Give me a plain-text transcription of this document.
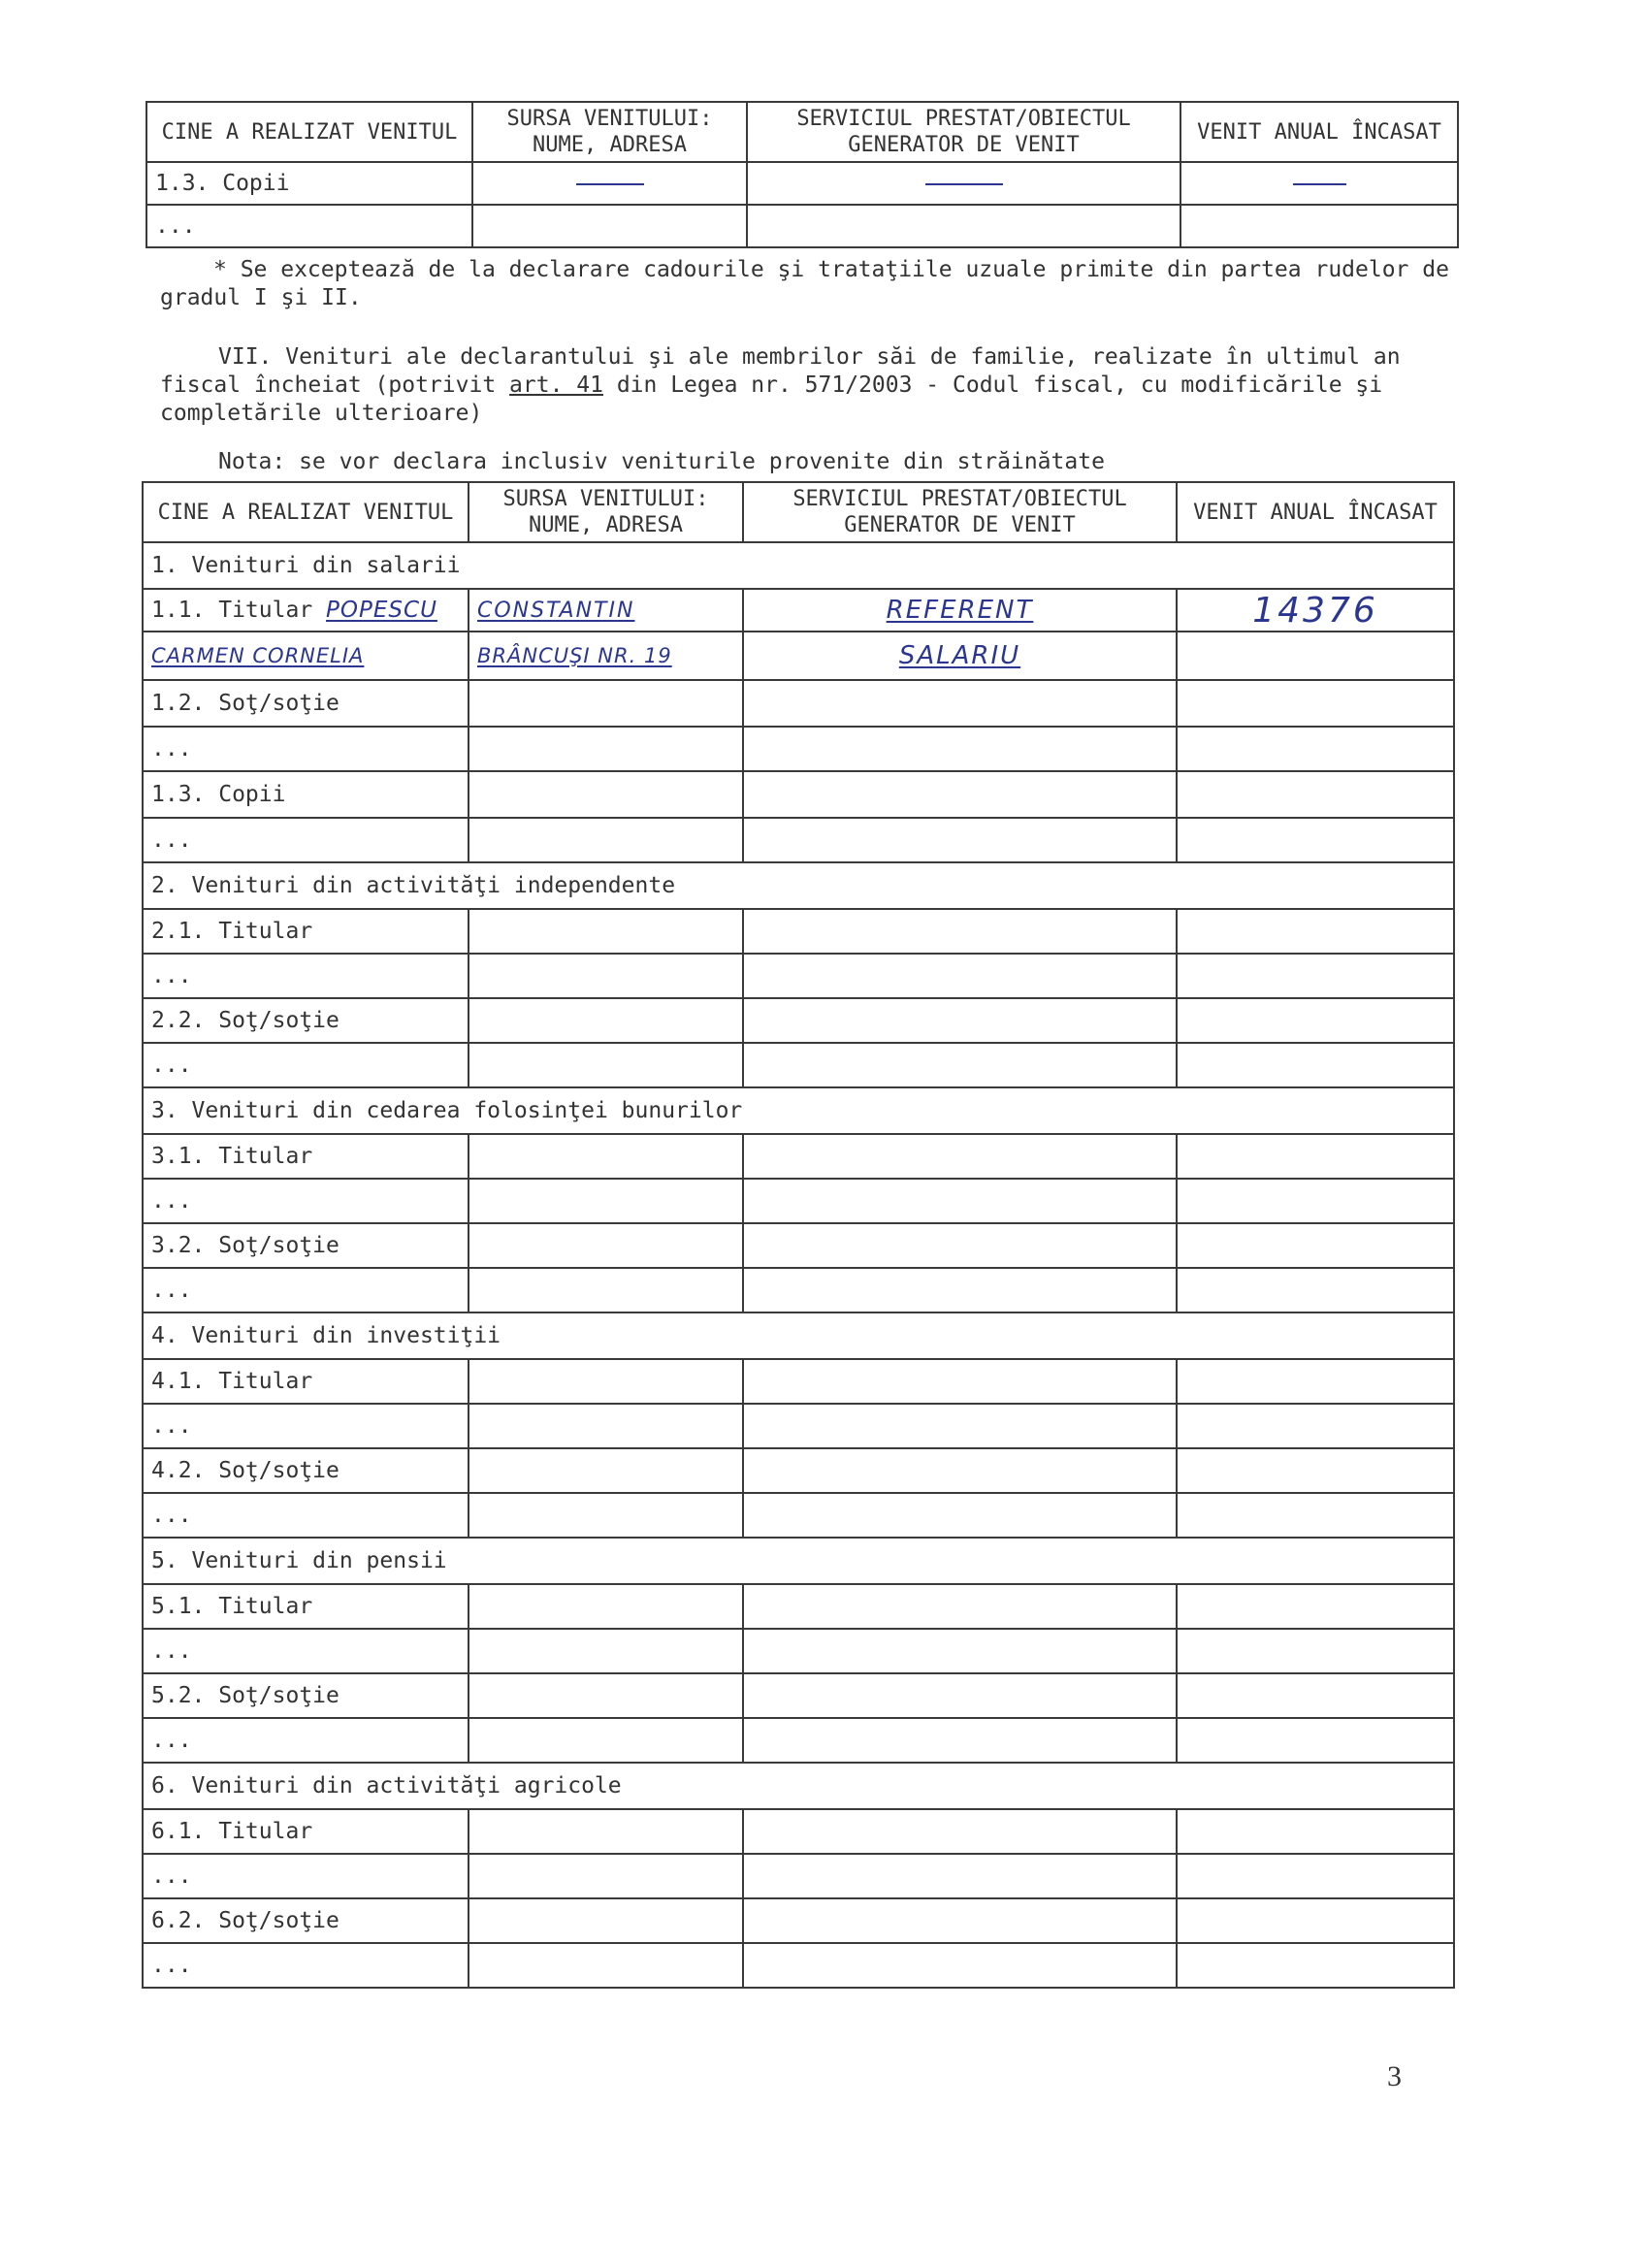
CINE A REALIZAT VENITUL	SURSA VENITULUI: NUME, ADRESA	SERVICIUL PRESTAT/OBIECTUL GENERATOR DE VENIT	VENIT ANUAL ÎNCASAT
1.3. Copii			
...			
* Se exceptează de la declarare cadourile şi trataţiile uzuale primite din partea rudelor de gradul I şi II.
VII. Venituri ale declarantului şi ale membrilor săi de familie, realizate în ultimul an fiscal încheiat (potrivit art. 41 din Legea nr. 571/2003 - Codul fiscal, cu modificările şi completările ulterioare)
Nota: se vor declara inclusiv veniturile provenite din străinătate
CINE A REALIZAT VENITUL	SURSA VENITULUI: NUME, ADRESA	SERVICIUL PRESTAT/OBIECTUL GENERATOR DE VENIT	VENIT ANUAL ÎNCASAT
1. Venituri din salarii			
1.1. Titular POPESCU	CONSTANTIN	REFERENT	14376
CARMEN CORNELIA	BRÂNCUŞI NR. 19	SALARIU	
1.2. Soţ/soţie			
...			
1.3. Copii			
...			
2. Venituri din activităţi independente			
2.1. Titular			
...			
2.2. Soţ/soţie			
...			
3. Venituri din cedarea folosinţei bunurilor			
3.1. Titular			
...			
3.2. Soţ/soţie			
...			
4. Venituri din investiţii			
4.1. Titular			
...			
4.2. Soţ/soţie			
...			
5. Venituri din pensii			
5.1. Titular			
...			
5.2. Soţ/soţie			
...			
6. Venituri din activităţi agricole			
6.1. Titular			
...			
6.2. Soţ/soţie			
...			
3
